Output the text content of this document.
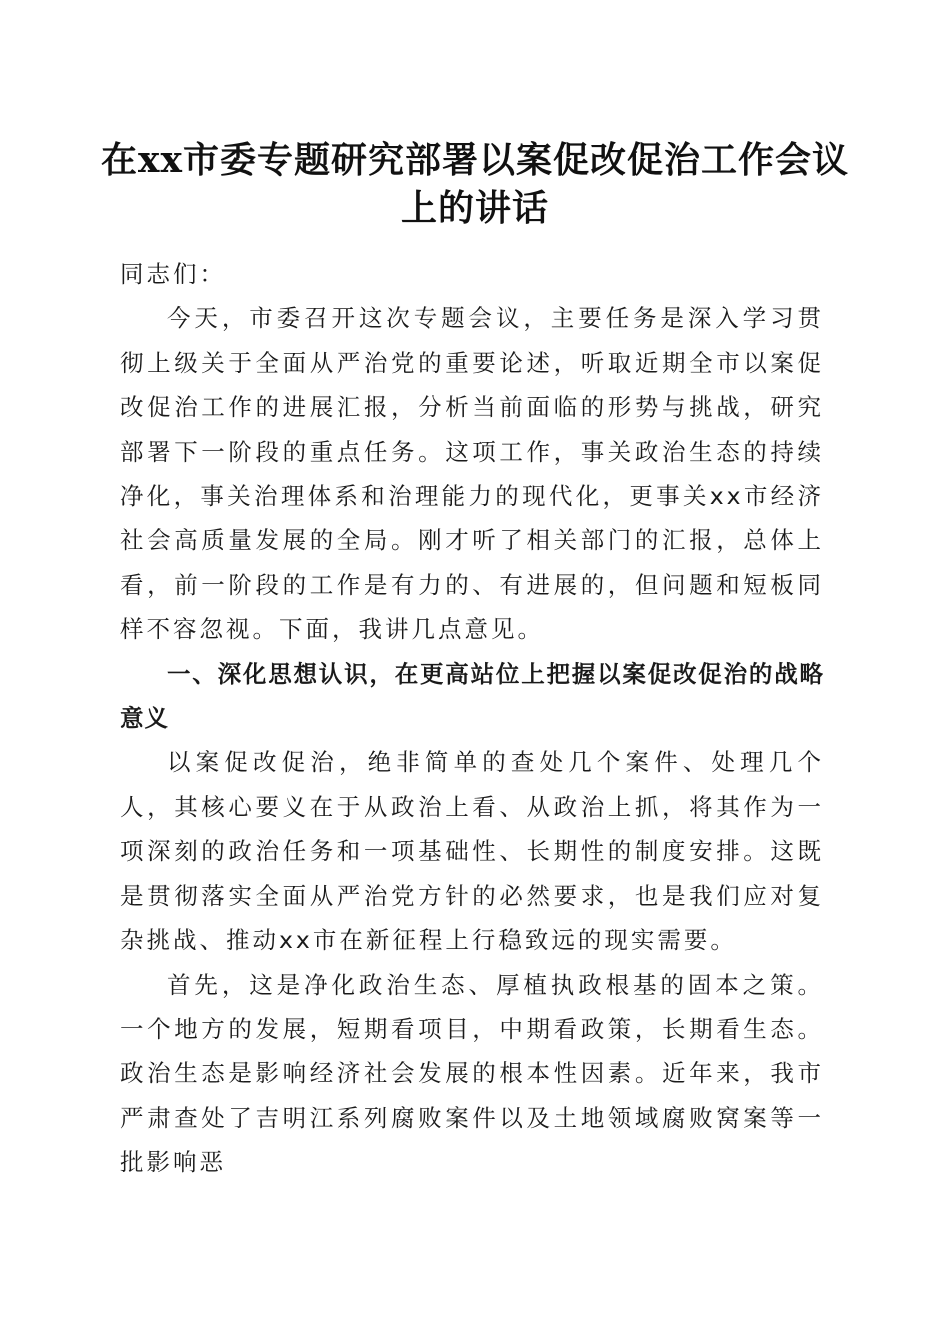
在xx市委专题研究部署以案促改促治工作会议上的讲话

同志们：

今天，市委召开这次专题会议，主要任务是深入学习贯彻上级关于全面从严治党的重要论述，听取近期全市以案促改促治工作的进展汇报，分析当前面临的形势与挑战，研究部署下一阶段的重点任务。这项工作，事关政治生态的持续净化，事关治理体系和治理能力的现代化，更事关xx市经济社会高质量发展的全局。刚才听了相关部门的汇报，总体上看，前一阶段的工作是有力的、有进展的，但问题和短板同样不容忽视。下面，我讲几点意见。

一、深化思想认识，在更高站位上把握以案促改促治的战略意义

以案促改促治，绝非简单的查处几个案件、处理几个人，其核心要义在于从政治上看、从政治上抓，将其作为一项深刻的政治任务和一项基础性、长期性的制度安排。这既是贯彻落实全面从严治党方针的必然要求，也是我们应对复杂挑战、推动xx市在新征程上行稳致远的现实需要。

首先，这是净化政治生态、厚植执政根基的固本之策。一个地方的发展，短期看项目，中期看政策，长期看生态。政治生态是影响经济社会发展的根本性因素。近年来，我市严肃查处了吉明江系列腐败案件以及土地领域腐败窝案等一批影响恶
